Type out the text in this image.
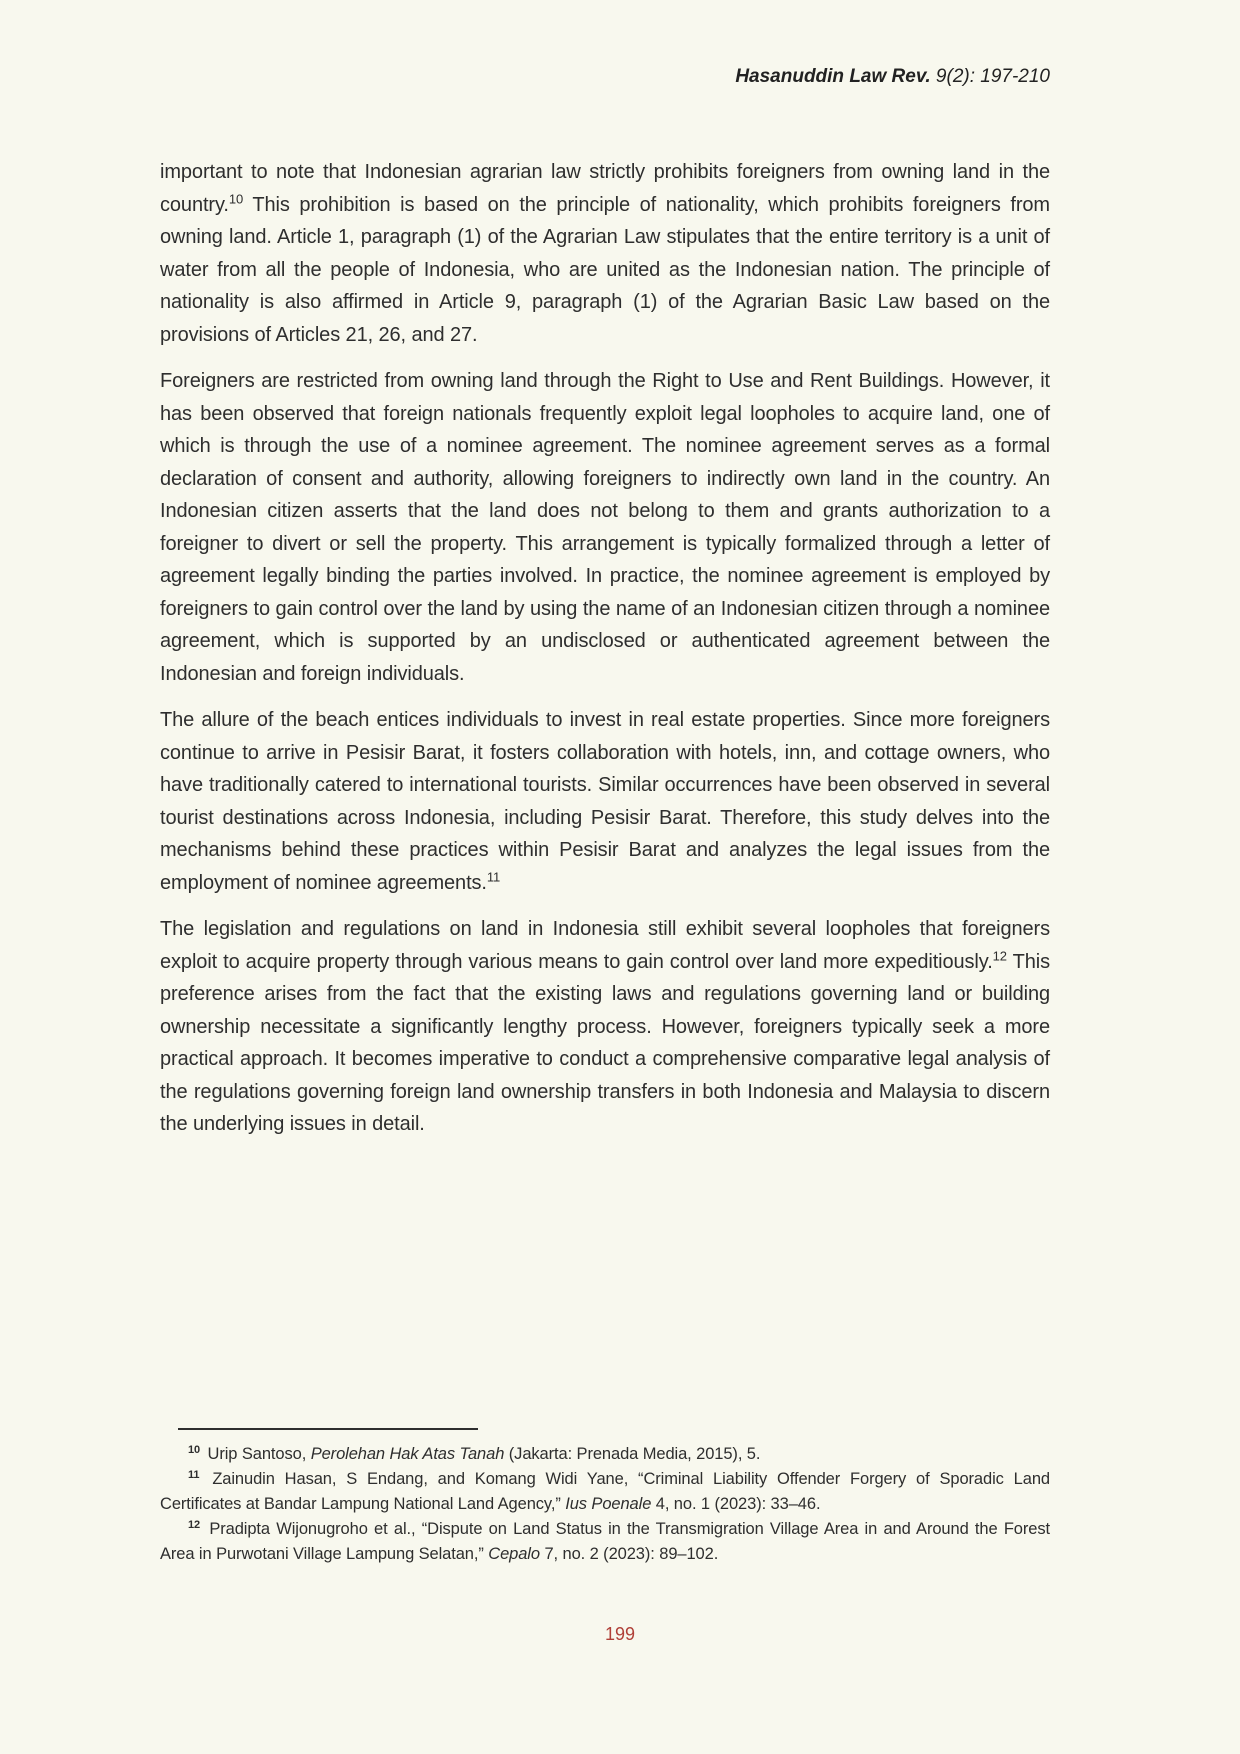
Hasanuddin Law Rev. 9(2): 197-210

important to note that Indonesian agrarian law strictly prohibits foreigners from owning land in the country.$^{10}$ This prohibition is based on the principle of nationality, which prohibits foreigners from owning land. Article 1, paragraph (1) of the Agrarian Law stipulates that the entire territory is a unit of water from all the people of Indonesia, who are united as the Indonesian nation. The principle of nationality is also affirmed in Article 9, paragraph (1) of the Agrarian Basic Law based on the provisions of Articles 21, 26, and 27.

Foreigners are restricted from owning land through the Right to Use and Rent Buildings. However, it has been observed that foreign nationals frequently exploit legal loopholes to acquire land, one of which is through the use of a nominee agreement. The nominee agreement serves as a formal declaration of consent and authority, allowing foreigners to indirectly own land in the country. An Indonesian citizen asserts that the land does not belong to them and grants authorization to a foreigner to divert or sell the property. This arrangement is typically formalized through a letter of agreement legally binding the parties involved. In practice, the nominee agreement is employed by foreigners to gain control over the land by using the name of an Indonesian citizen through a nominee agreement, which is supported by an undisclosed or authenticated agreement between the Indonesian and foreign individuals.

The allure of the beach entices individuals to invest in real estate properties. Since more foreigners continue to arrive in Pesisir Barat, it fosters collaboration with hotels, inn, and cottage owners, who have traditionally catered to international tourists. Similar occurrences have been observed in several tourist destinations across Indonesia, including Pesisir Barat. Therefore, this study delves into the mechanisms behind these practices within Pesisir Barat and analyzes the legal issues from the employment of nominee agreements.$^{11}$

The legislation and regulations on land in Indonesia still exhibit several loopholes that foreigners exploit to acquire property through various means to gain control over land more expeditiously.$^{12}$ This preference arises from the fact that the existing laws and regulations governing land or building ownership necessitate a significantly lengthy process. However, foreigners typically seek a more practical approach. It becomes imperative to conduct a comprehensive comparative legal analysis of the regulations governing foreign land ownership transfers in both Indonesia and Malaysia to discern the underlying issues in detail.

$^{10}$ Urip Santoso, Perolehan Hak Atas Tanah (Jakarta: Prenada Media, 2015), 5.

$^{11}$ Zainudin Hasan, S Endang, and Komang Widi Yane, “Criminal Liability Offender Forgery of Sporadic Land Certificates at Bandar Lampung National Land Agency,” Ius Poenale 4, no. 1 (2023): 33–46.

$^{12}$ Pradipta Wijonugroho et al., “Dispute on Land Status in the Transmigration Village Area in and Around the Forest Area in Purwotani Village Lampung Selatan,” Cepalo 7, no. 2 (2023): 89–102.

199
